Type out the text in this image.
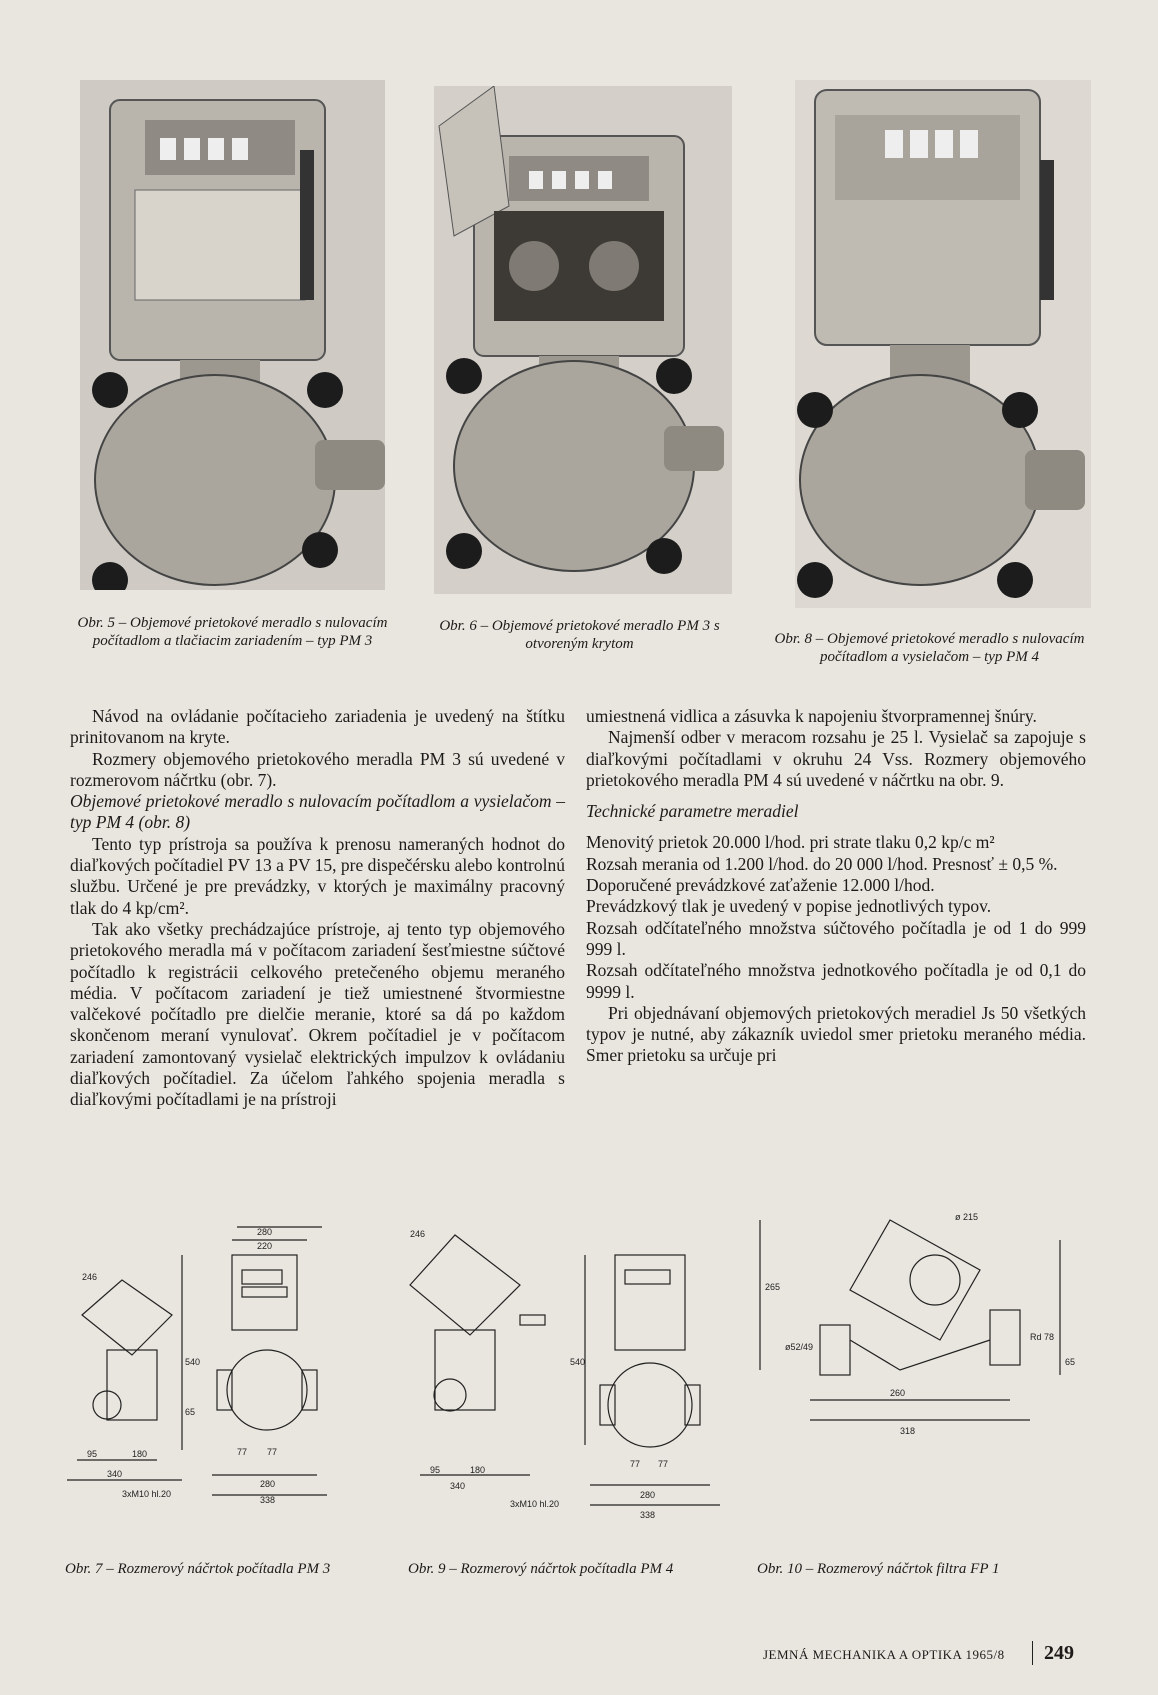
Obr. 5 – Objemové prietokové meradlo s nulovacím počítadlom a tlačiacim zariadením – typ PM 3
Obr. 6 – Objemové prietokové meradlo PM 3 s otvoreným krytom	Obr. 8 – Objemové prietokové meradlo s nulovacím počítadlom a vysielačom – typ PM 4

Návod na ovládanie počítacieho zariadenia je uvedený na štítku prinitovanom na kryte.

Rozmery objemového prietokového meradla PM 3 sú uvedené v rozmerovom náčrtku (obr. 7).

Objemové prietokové meradlo s nulovacím počítadlom a vysielačom – typ PM 4 (obr. 8)

Tento typ prístroja sa používa k prenosu nameraných hodnot do diaľkových počítadiel PV 13 a PV 15, pre dispečérsku alebo kontrolnú službu. Určené je pre prevádzky, v ktorých je maximálny pracovný tlak do 4 kp/cm².

Tak ako všetky prechádzajúce prístroje, aj tento typ objemového prietokového meradla má v počítacom zariadení šesťmiestne súčtové počítadlo k registrácii celkového pretečeného objemu meraného média. V počítacom zariadení je tiež umiestnené štvormiestne valčekové počítadlo pre dielčie meranie, ktoré sa dá po každom skončenom meraní vynulovať. Okrem počítadiel je v počítacom zariadení zamontovaný vysielač elektrických impulzov k ovládaniu diaľkových počítadiel. Za účelom ľahkého spojenia meradla s diaľkovými počítadlami je na prístroji

umiestnená vidlica a zásuvka k napojeniu štvorpramennej šnúry.

Najmenší odber v meracom rozsahu je 25 l. Vysielač sa zapojuje s diaľkovými počítadlami v okruhu 24 Vss. Rozmery objemového prietokového meradla PM 4 sú uvedené v náčrtku na obr. 9.

Technické parametre meradiel

Menovitý prietok 20.000 l/hod. pri strate tlaku 0,2 kp/c m²

Rozsah merania od 1.200 l/hod. do 20 000 l/hod. Presnosť ± 0,5 %.

Doporučené prevádzkové zaťaženie 12.000 l/hod.

Prevádzkový tlak je uvedený v popise jednotlivých typov.

Rozsah odčítateľného množstva súčtového počítadla je od 1 do 999 999 l.

Rozsah odčítateľného množstva jednotkového počítadla je od 0,1 do 9999 l.

Pri objednávaní objemových prietokových meradiel Js 50 všetkých typov je nutné, aby zákazník uviedol smer prietoku meraného média. Smer prietoku sa určuje pri

280
220
246
540
65
95	180
340
77 77
280
338
3xM10 hl.20
246
540
95	180
340
77 77
280
338
3xM10 hl.20
ø 215
265
ø52/49
Rd 78
65
260
318
Obr. 7 – Rozmerový náčrtok počítadla PM 3	Obr. 9 – Rozmerový náčrtok počítadla PM 4	Obr. 10 – Rozmerový náčrtok filtra FP 1
JEMNÁ MECHANIKA A OPTIKA 1965/8 249
